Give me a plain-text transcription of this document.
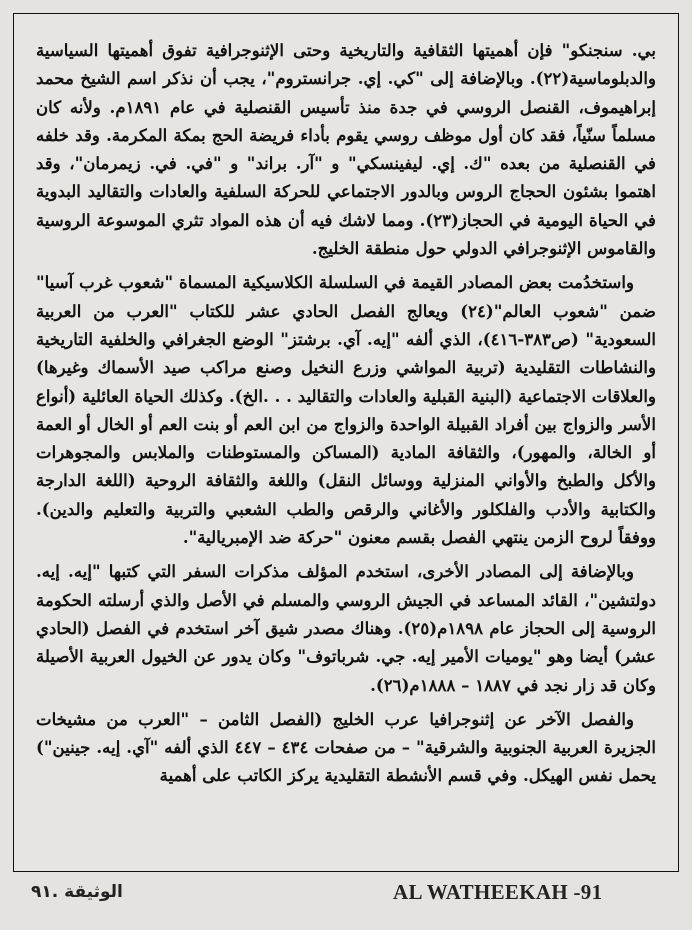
بي. سنجنكو" فإن أهميتها الثقافية والتاريخية وحتى الإثنوجرافية تفوق أهميتها السياسية والدبلوماسية(٢٢). وبالإضافة إلى "كي. إي. جرانستروم"، يجب أن نذكر اسم الشيخ محمد إبراهيموف، القنصل الروسي في جدة منذ تأسيس القنصلية في عام ١٨٩١م. ولأنه كان مسلماً سنّياً، فقد كان أول موظف روسي يقوم بأداء فريضة الحج بمكة المكرمة. وقد خلفه في القنصلية من بعده "ك. إي. ليفينسكي" و "آر. براند" و "في. في. زيمرمان"، وقد اهتموا بشئون الحجاج الروس وبالدور الاجتماعي للحركة السلفية والعادات والتقاليد البدوية في الحياة اليومية في الحجاز(٢٣). ومما لاشك فيه أن هذه المواد تثري الموسوعة الروسية والقاموس الإثنوجرافي الدولي حول منطقة الخليج.

واستخدُمت بعض المصادر القيمة في السلسلة الكلاسيكية المسماة "شعوب غرب آسيا" ضمن "شعوب العالم"(٢٤) ويعالج الفصل الحادي عشر للكتاب "العرب من العربية السعودية" (ص٣٨٣-٤١٦)، الذي ألفه "إيه. آي. برشتز" الوضع الجغرافي والخلفية التاريخية والنشاطات التقليدية (تربية المواشي وزرع النخيل وصنع مراكب صيد الأسماك وغيرها) والعلاقات الاجتماعية (البنية القبلية والعادات والتقاليد . . .الخ). وكذلك الحياة العائلية (أنواع الأسر والزواج بين أفراد القبيلة الواحدة والزواج من ابن العم أو بنت العم أو الخال أو العمة أو الخالة، والمهور)، والثقافة المادية (المساكن والمستوطنات والملابس والمجوهرات والأكل والطبخ والأواني المنزلية ووسائل النقل) واللغة والثقافة الروحية (اللغة الدارجة والكتابية والأدب والفلكلور والأغاني والرقص والطب الشعبي والتربية والتعليم والدين). ووفقاً لروح الزمن ينتهي الفصل بقسم معنون "حركة ضد الإمبريالية".

وبالإضافة إلى المصادر الأخرى، استخدم المؤلف مذكرات السفر التي كتبها "إيه. إيه. دولتشين"، القائد المساعد في الجيش الروسي والمسلم في الأصل والذي أرسلته الحكومة الروسية إلى الحجاز عام ١٨٩٨م(٢٥). وهناك مصدر شيق آخر استخدم في الفصل (الحادي عشر) أيضا وهو "يوميات الأمير إيه. جي. شرباتوف" وكان يدور عن الخيول العربية الأصيلة وكان قد زار نجد في ١٨٨٧ – ١٨٨٨م(٢٦).

والفصل الآخر عن إثنوجرافيا عرب الخليج (الفصل الثامن – "العرب من مشيخات الجزيرة العربية الجنوبية والشرقية" – من صفحات ٤٣٤ – ٤٤٧ الذي ألفه "آي. إيه. جينين") يحمل نفس الهيكل. وفي قسم الأنشطة التقليدية يركز الكاتب على أهمية

الوثيقة .٩١	AL WATHEEKAH -91
